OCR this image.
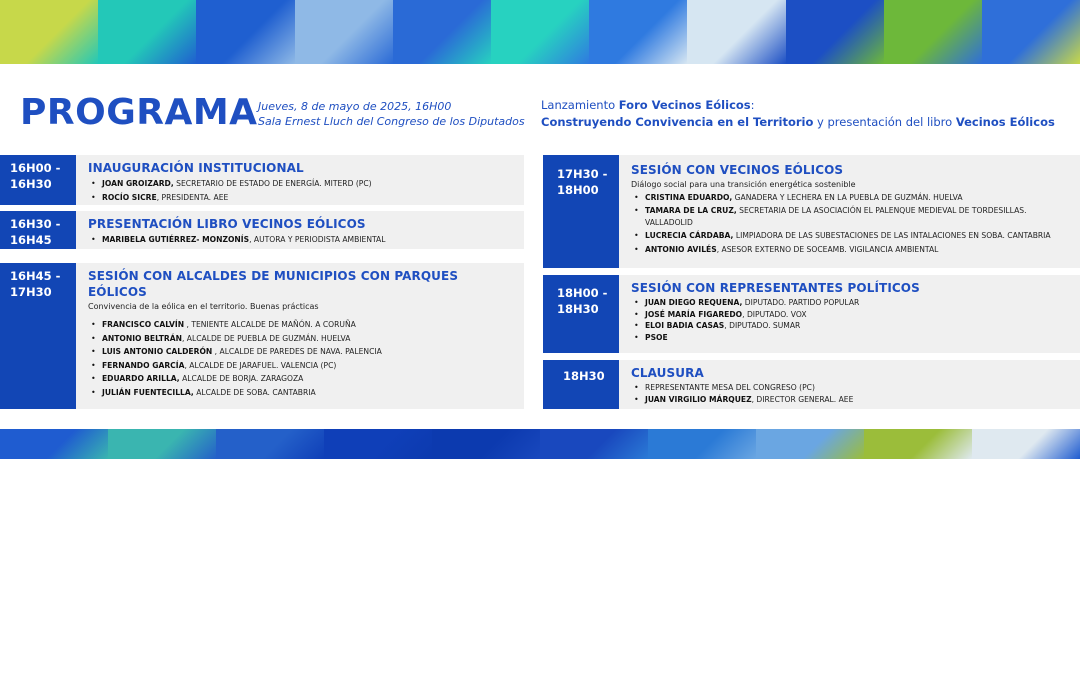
PROGRAMA Jueves, 8 de mayo de 2025, 16H00
Sala Ernest Lluch del Congreso de los Diputados
Lanzamiento Foro Vecinos Eólicos:
Construyendo Convivencia en el Territorio y presentación del libro Vecinos Eólicos
16H00 -
16H30
INAUGURACIÓN INSTITUCIONAL
• JOAN GROIZARD, SECRETARIO DE ESTADO DE ENERGÍA. MITERD (PC)
• ROCÍO SICRE, PRESIDENTA. AEE
16H30 -
16H45
PRESENTACIÓN LIBRO VECINOS EÓLICOS
• MARIBELA GUTIÉRREZ- MONZONÍS, AUTORA Y PERIODISTA AMBIENTAL
16H45 -
17H30
SESIÓN CON ALCALDES DE MUNICIPIOS CON PARQUES EÓLICOS
Convivencia de la eólica en el territorio. Buenas prácticas
• FRANCISCO CALVÍN , TENIENTE ALCALDE DE MAÑÓN. A CORUÑA
• ANTONIO BELTRÁN, ALCALDE DE PUEBLA DE GUZMÁN. HUELVA
• LUIS ANTONIO CALDERÓN , ALCALDE DE PAREDES DE NAVA. PALENCIA
• FERNANDO GARCÍA, ALCALDE DE JARAFUEL. VALENCIA (PC)
• EDUARDO ARILLA, ALCALDE DE BORJA. ZARAGOZA
• JULIÁN FUENTECILLA, ALCALDE DE SOBA. CANTABRIA
17H30 -
18H00
SESIÓN CON VECINOS EÓLICOS
Diálogo social para una transición energética sostenible
• CRISTINA EDUARDO, GANADERA Y LECHERA EN LA PUEBLA DE GUZMÁN. HUELVA
• TAMARA DE LA CRUZ, SECRETARIA DE LA ASOCIACIÓN EL PALENQUE MEDIEVAL DE TORDESILLAS. VALLADOLID
• LUCRECIA CÁRDABA, LIMPIADORA DE LAS SUBESTACIONES DE LAS INTALACIONES EN SOBA. CANTABRIA
• ANTONIO AVILÉS, ASESOR EXTERNO DE SOCEAMB. VIGILANCIA AMBIENTAL
18H00 -
18H30
SESIÓN CON REPRESENTANTES POLÍTICOS
• JUAN DIEGO REQUENA, DIPUTADO. PARTIDO POPULAR
• JOSÉ MARÍA FIGAREDO, DIPUTADO. VOX
• ELOI BADIA CASAS, DIPUTADO. SUMAR
• PSOE
18H30	CLAUSURA
• REPRESENTANTE MESA DEL CONGRESO (PC)
• JUAN VIRGILIO MÁRQUEZ, DIRECTOR GENERAL. AEE
